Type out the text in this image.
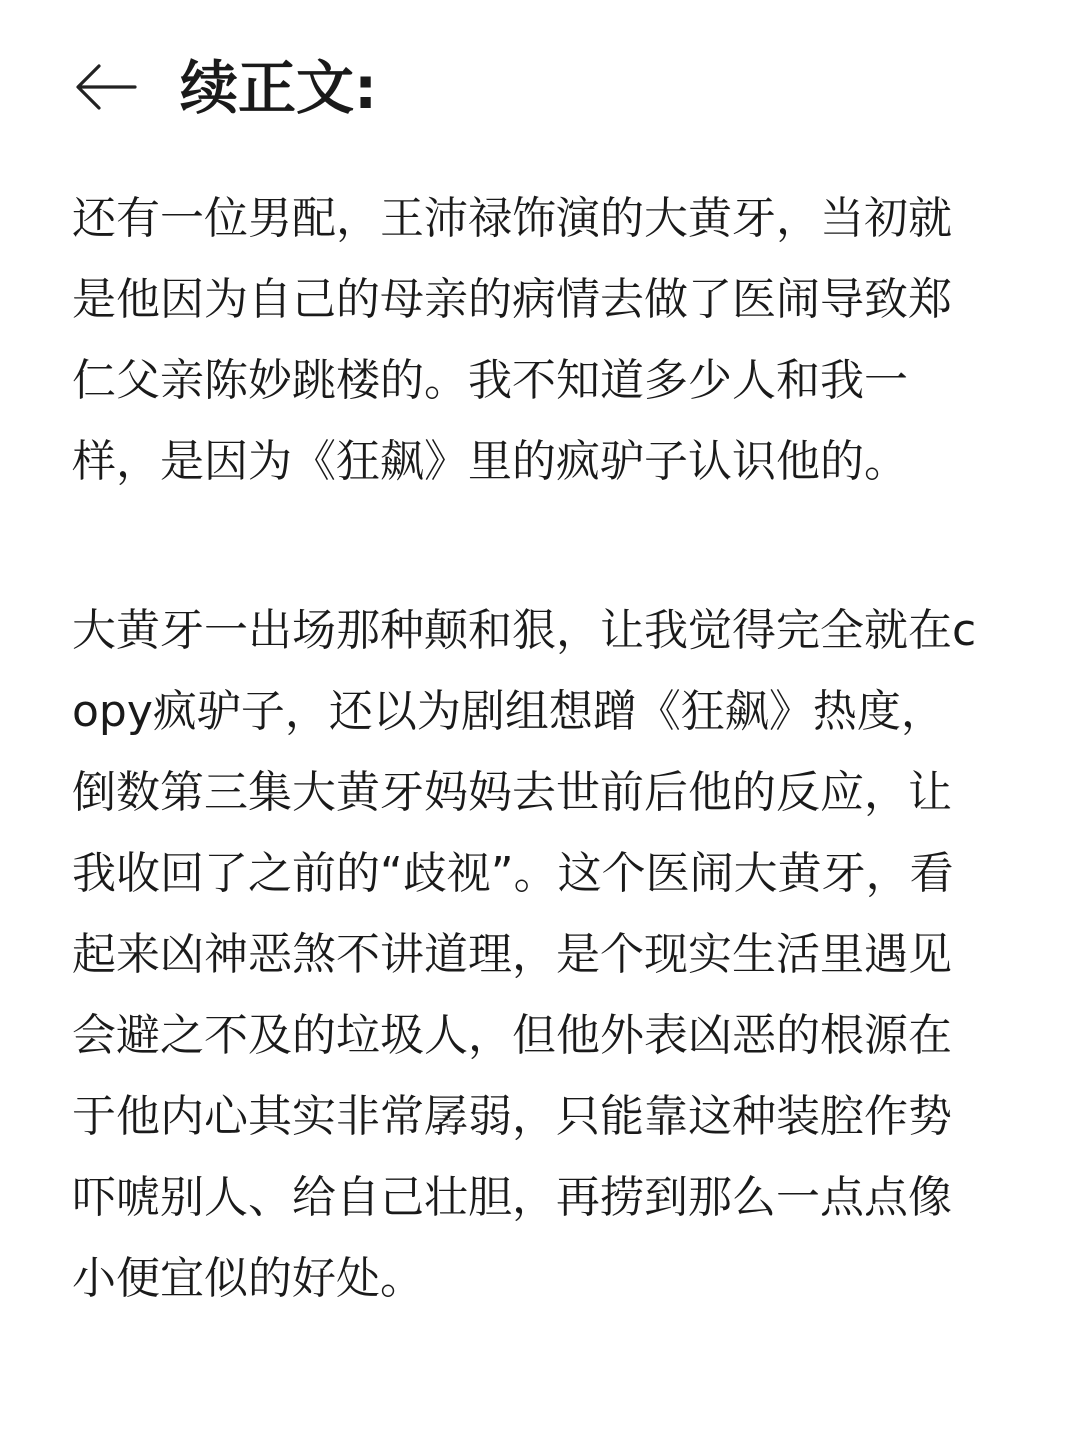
续正文:

还有一位男配，王沛禄饰演的大黄牙，当初就是他因为自己的母亲的病情去做了医闹导致郑仁父亲陈妙跳楼的。我不知道多少人和我一样，是因为《狂飙》里的疯驴子认识他的。

大黄牙一出场那种颠和狠，让我觉得完全就在copy疯驴子，还以为剧组想蹭《狂飙》热度，倒数第三集大黄牙妈妈去世前后他的反应，让我收回了之前的“歧视”。这个医闹大黄牙，看起来凶神恶煞不讲道理，是个现实生活里遇见会避之不及的垃圾人，但他外表凶恶的根源在于他内心其实非常孱弱，只能靠这种装腔作势吓唬别人、给自己壮胆，再捞到那么一点点像小便宜似的好处。
